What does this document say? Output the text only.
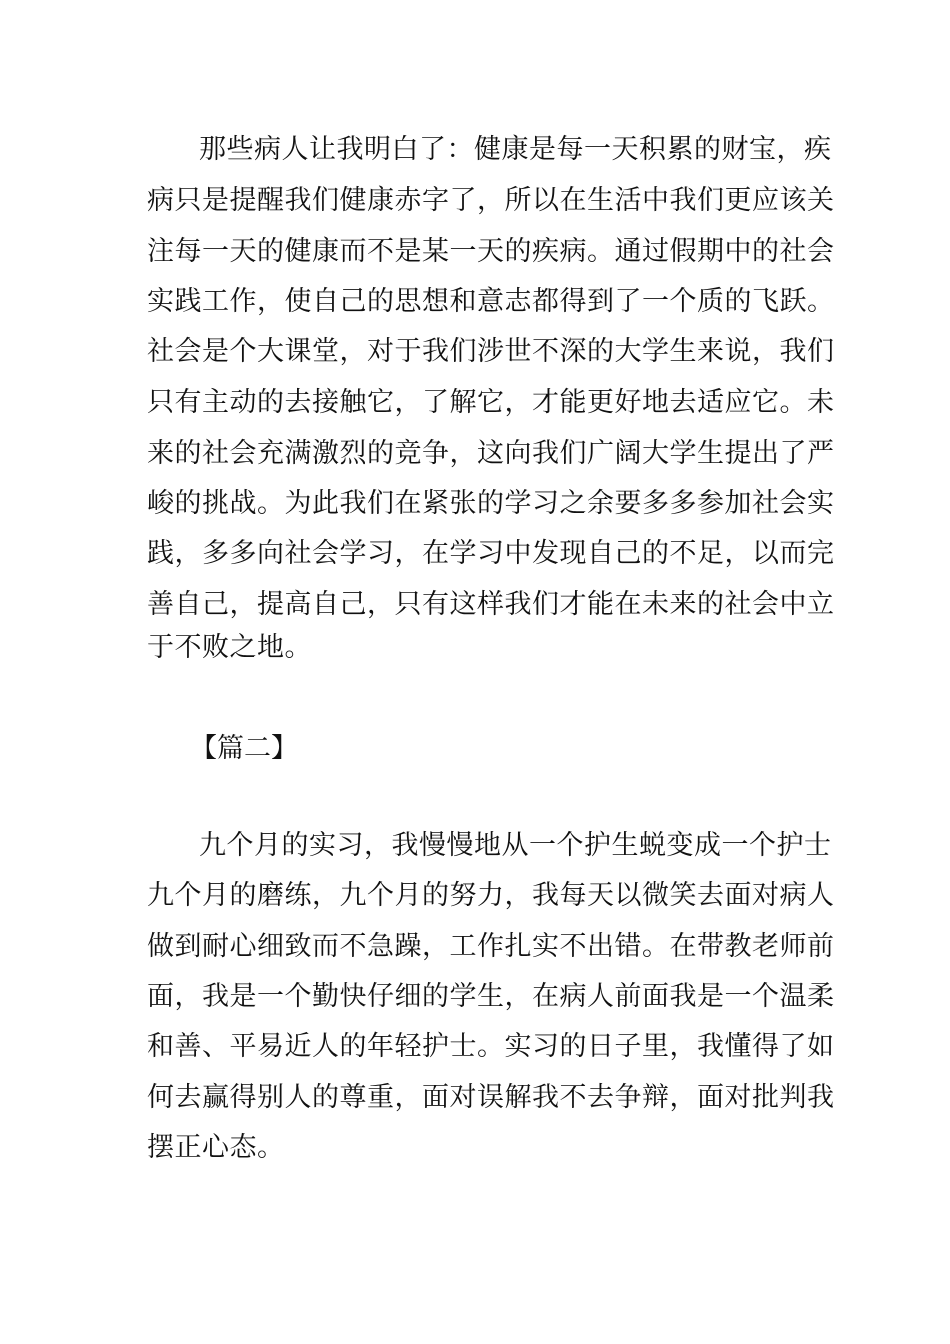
那些病人让我明白了：健康是每一天积累的财宝，疾
病只是提醒我们健康赤字了，所以在生活中我们更应该关
注每一天的健康而不是某一天的疾病。通过假期中的社会
实践工作，使自己的思想和意志都得到了一个质的飞跃。
社会是个大课堂，对于我们涉世不深的大学生来说，我们
只有主动的去接触它，了解它，才能更好地去适应它。未
来的社会充满激烈的竞争，这向我们广阔大学生提出了严
峻的挑战。为此我们在紧张的学习之余要多多参加社会实
践，多多向社会学习，在学习中发现自己的不足，以而完
善自己，提高自己，只有这样我们才能在未来的社会中立
于不败之地。
【篇二】
九个月的实习，我慢慢地从一个护生蜕变成一个护士
九个月的磨练，九个月的努力，我每天以微笑去面对病人
做到耐心细致而不急躁，工作扎实不出错。在带教老师前
面，我是一个勤快仔细的学生，在病人前面我是一个温柔
和善、平易近人的年轻护士。实习的日子里，我懂得了如
何去赢得别人的尊重，面对误解我不去争辩，面对批判我
摆正心态。
